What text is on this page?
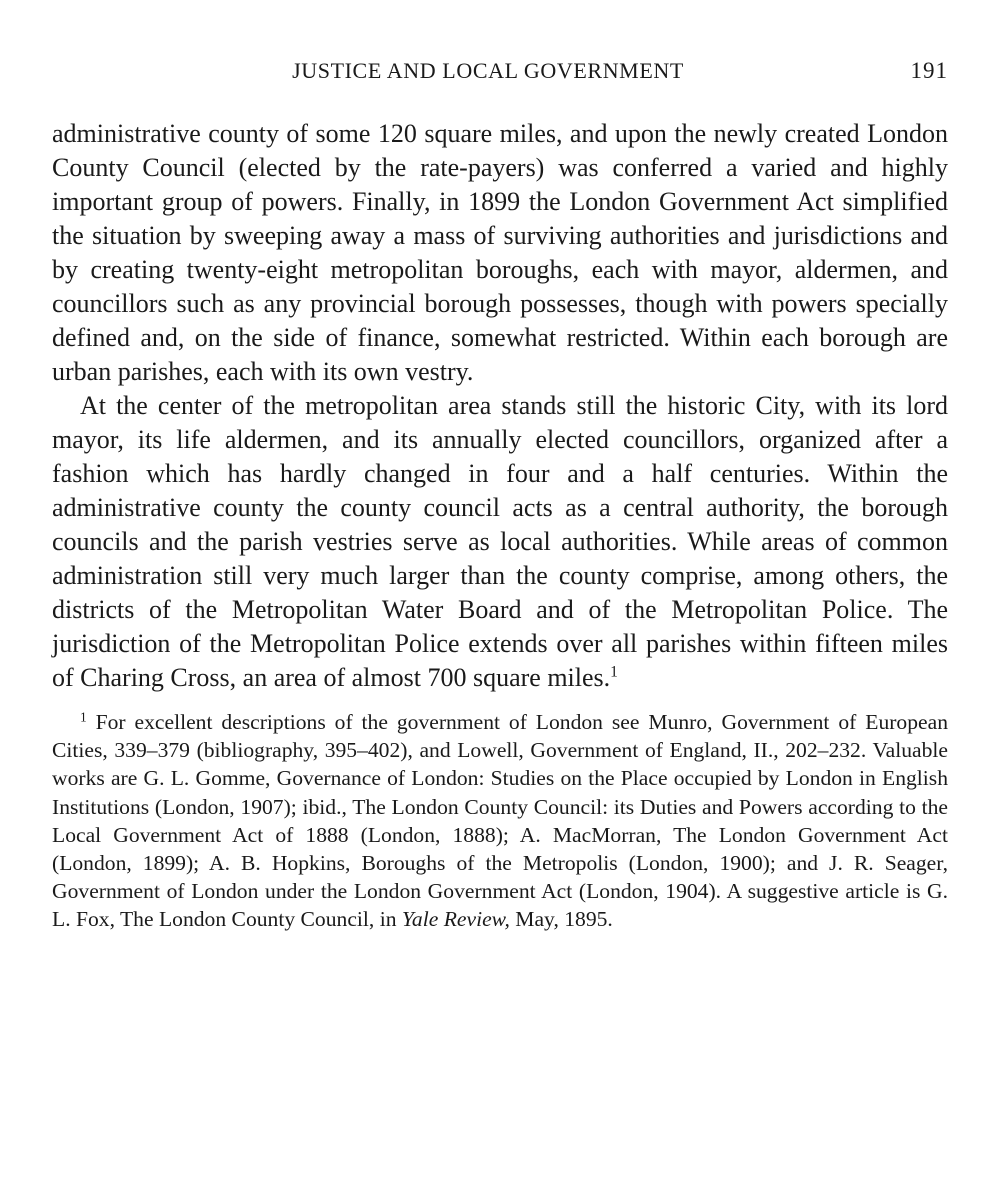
JUSTICE AND LOCAL GOVERNMENT	191

administrative county of some 120 square miles, and upon the newly created London County Council (elected by the rate-payers) was conferred a varied and highly important group of powers. Finally, in 1899 the London Government Act simplified the situation by sweeping away a mass of surviving authorities and jurisdictions and by creating twenty-eight metropolitan boroughs, each with mayor, aldermen, and councillors such as any provincial borough possesses, though with powers specially defined and, on the side of finance, somewhat restricted. Within each borough are urban parishes, each with its own vestry.

At the center of the metropolitan area stands still the historic City, with its lord mayor, its life aldermen, and its annually elected councillors, organized after a fashion which has hardly changed in four and a half centuries. Within the administrative county the county council acts as a central authority, the borough councils and the parish vestries serve as local authorities. While areas of common administration still very much larger than the county comprise, among others, the districts of the Metropolitan Water Board and of the Metropolitan Police. The jurisdiction of the Metropolitan Police extends over all parishes within fifteen miles of Charing Cross, an area of almost 700 square miles.$^1$

$^1$ For excellent descriptions of the government of London see Munro, Government of European Cities, 339–379 (bibliography, 395–402), and Lowell, Government of England, II., 202–232. Valuable works are G. L. Gomme, Governance of London: Studies on the Place occupied by London in English Institutions (London, 1907); ibid., The London County Council: its Duties and Powers according to the Local Government Act of 1888 (London, 1888); A. MacMorran, The London Government Act (London, 1899); A. B. Hopkins, Boroughs of the Metropolis (London, 1900); and J. R. Seager, Government of London under the London Government Act (London, 1904). A suggestive article is G. L. Fox, The London County Council, in Yale Review, May, 1895.
